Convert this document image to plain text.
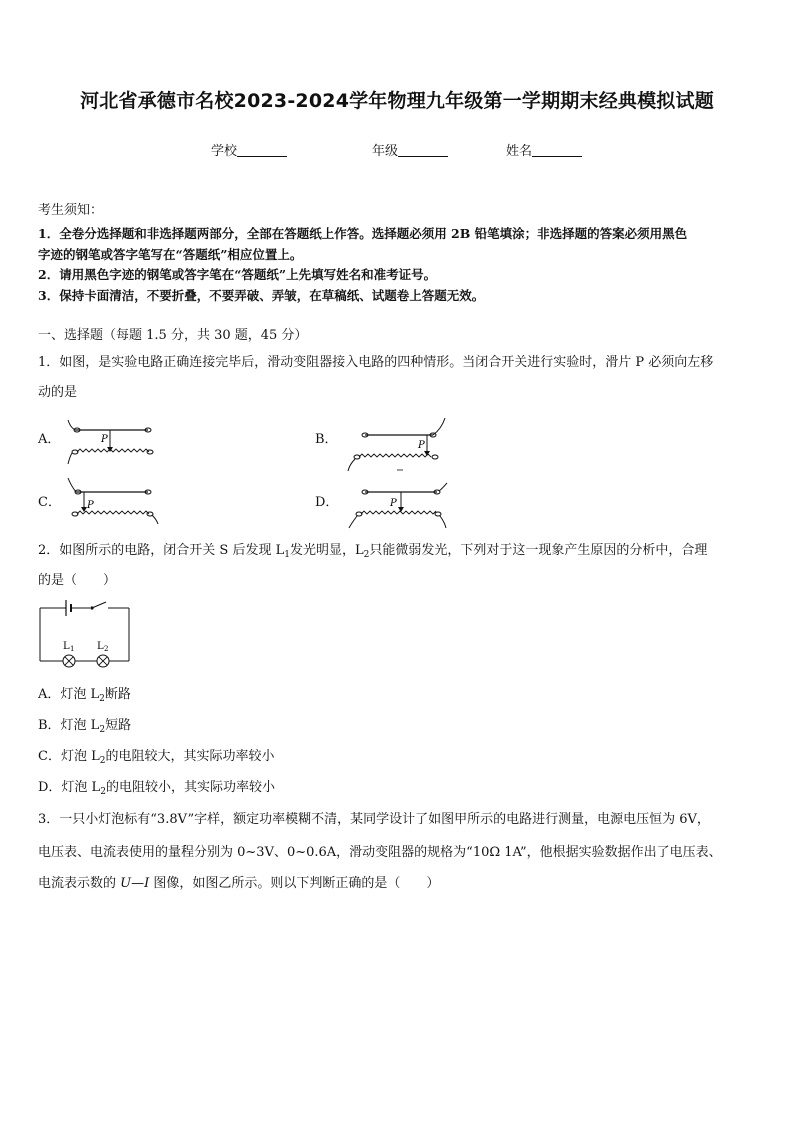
河北省承德市名校2023-2024学年物理九年级第一学期期末经典模拟试题
学校	年级	姓名
考生须知：
1．全卷分选择题和非选择题两部分，全部在答题纸上作答。选择题必须用 2B 铅笔填涂；非选择题的答案必须用黑色
字迹的钢笔或答字笔写在“答题纸”相应位置上。
2．请用黑色字迹的钢笔或答字笔在“答题纸”上先填写姓名和准考证号。
3．保持卡面清洁，不要折叠，不要弄破、弄皱，在草稿纸、试题卷上答题无效。
一、选择题（每题 1.5 分，共 30 题，45 分）
1．如图，是实验电路正确连接完毕后，滑动变阻器接入电路的四种情形。当闭合开关进行实验时，滑片 P 必须向左移
动的是
A．	B．
C．	D．
P
P
P	P
2．如图所示的电路，闭合开关 S 后发现 $L_1$发光明显，$L_2$只能微弱发光，下列对于这一现象产生原因的分析中，合理
的是（　　）
L 1 L 2
A．灯泡 $L_2$断路
B．灯泡 $L_2$短路
C．灯泡 $L_2$的电阻较大，其实际功率较小
D．灯泡 $L_2$的电阻较小，其实际功率较小
3．一只小灯泡标有“3.8V”字样，额定功率模糊不清，某同学设计了如图甲所示的电路进行测量，电源电压恒为 6V，
电压表、电流表使用的量程分别为 0~3V、0~0.6A，滑动变阻器的规格为“10Ω 1A”，他根据实验数据作出了电压表、
电流表示数的 U—I 图像，如图乙所示。则以下判断正确的是（　　）
